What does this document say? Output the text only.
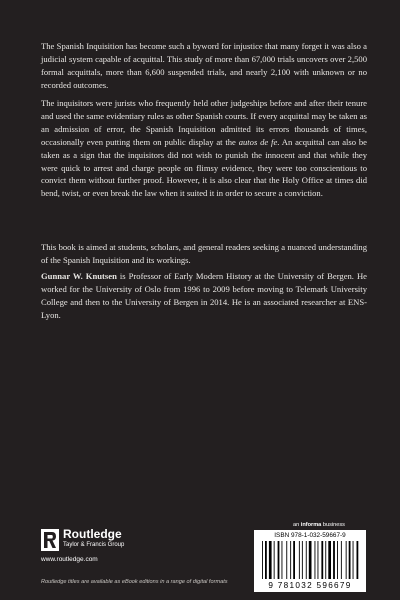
The Spanish Inquisition has become such a byword for injustice that many forget it was also a judicial system capable of acquittal. This study of more than 67,000 trials uncovers over 2,500 formal acquittals, more than 6,600 suspended trials, and nearly 2,100 with unknown or no recorded outcomes.

The inquisitors were jurists who frequently held other judgeships before and after their tenure and used the same evidentiary rules as other Spanish courts. If every acquittal may be taken as an admission of error, the Spanish Inquisition admitted its errors thousands of times, occasionally even putting them on public display at the autos de fe. An acquittal can also be taken as a sign that the inquisitors did not wish to punish the innocent and that while they were quick to arrest and charge people on flimsy evidence, they were too conscientious to convict them without further proof. However, it is also clear that the Holy Office at times did bend, twist, or even break the law when it suited it in order to secure a conviction.

This book is aimed at students, scholars, and general readers seeking a nuanced understanding of the Spanish Inquisition and its workings.

Gunnar W. Knutsen is Professor of Early Modern History at the University of Bergen. He worked for the University of Oslo from 1996 to 2009 before moving to Telemark University College and then to the University of Bergen in 2014. He is an associated researcher at ENS-Lyon.

Routledge
Taylor & Francis Group

www.routledge.com

Routledge titles are available as eBook editions in a range of digital formats

an informa business

ISBN 978-1-032-59667-9
9 781032 596679
